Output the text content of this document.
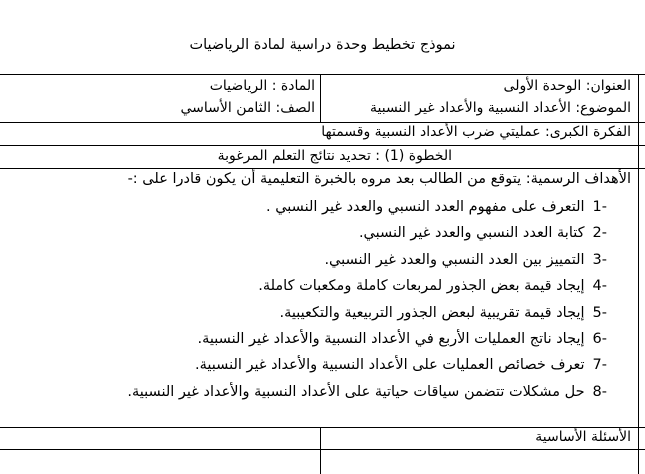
نموذج تخطيط وحدة دراسية لمادة الرياضيات
العنوان: الوحدة الأولى
المادة : الرياضيات
الموضوع: الأعداد النسبية والأعداد غير النسبية
الصف: الثامن الأساسي
الفكرة الكبرى: عمليتي ضرب الأعداد النسبية وقسمتها
الخطوة (1) : تحديد نتائج التعلم المرغوبة
الأهداف الرسمية: يتوقع من الطالب بعد مروه بالخبرة التعليمية أن يكون قادرا على :-
-1التعرف على مفهوم العدد النسبي والعدد غير النسبي .
-2كتابة العدد النسبي والعدد غير النسبي.
-3التمييز بين العدد النسبي والعدد غير النسبي.
-4إيجاد قيمة بعض الجذور لمربعات كاملة ومكعبات كاملة.
-5إيجاد قيمة تقريبية لبعض الجذور التربيعية والتكعيبية.
-6إيجاد ناتج العمليات الأربع في الأعداد النسبية والأعداد غير النسبية.
-7تعرف خصائص العمليات على الأعداد النسبية والأعداد غير النسبية.
-8حل مشكلات تتضمن سياقات حياتية على الأعداد النسبية والأعداد غير النسبية.
الأسئلة الأساسية
